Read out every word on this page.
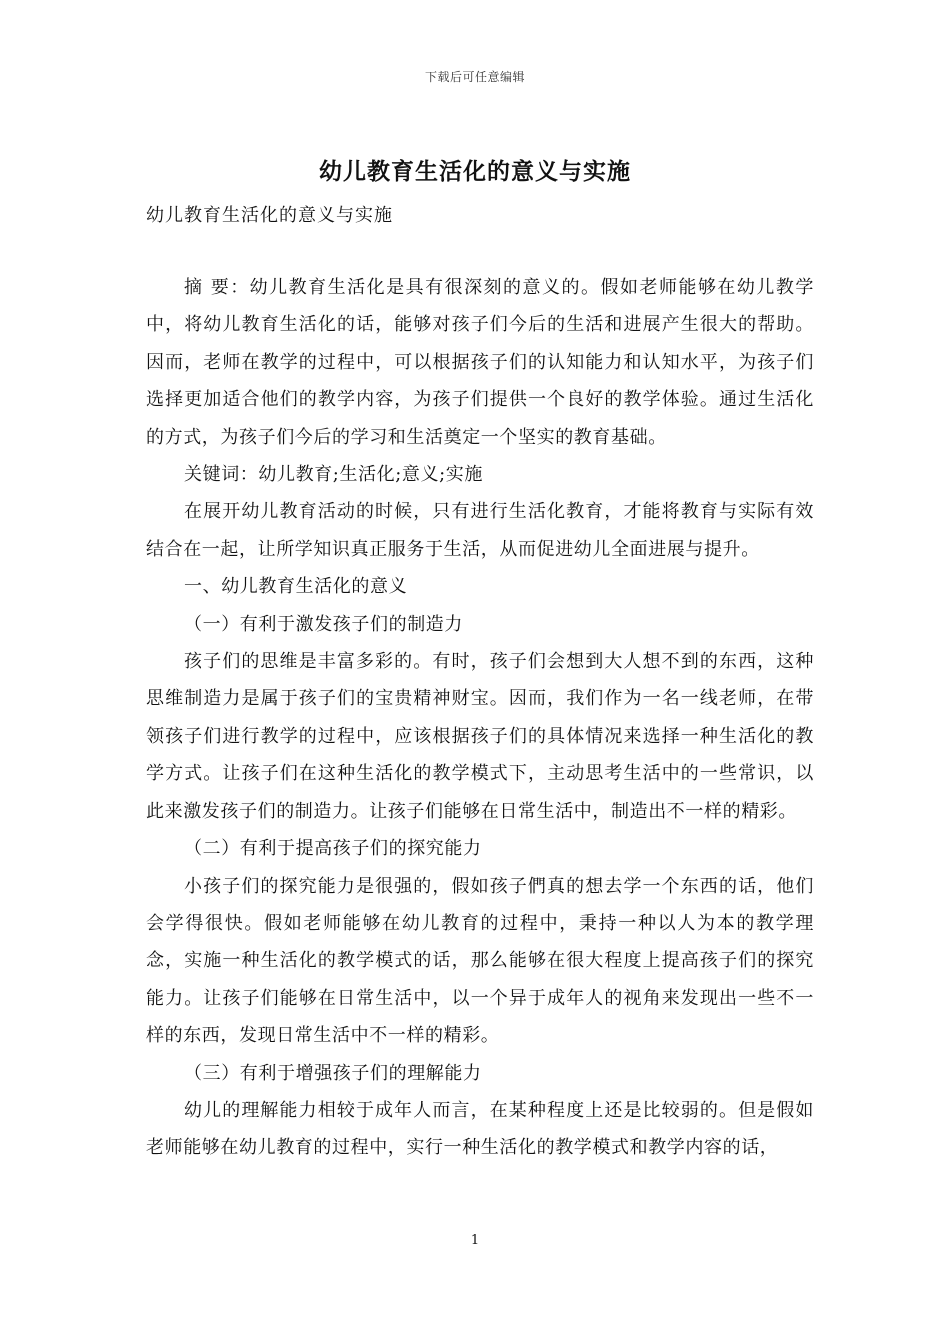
下载后可任意编辑
幼儿教育生活化的意义与实施
幼儿教育生活化的意义与实施

摘 要：幼儿教育生活化是具有很深刻的意义的。假如老师能够在幼儿教学中，将幼儿教育生活化的话，能够对孩子们今后的生活和进展产生很大的帮助。因而，老师在教学的过程中，可以根据孩子们的认知能力和认知水平，为孩子们选择更加适合他们的教学内容，为孩子们提供一个良好的教学体验。通过生活化的方式，为孩子们今后的学习和生活奠定一个坚实的教育基础。

关键词：幼儿教育;生活化;意义;实施

在展开幼儿教育活动的时候，只有进行生活化教育，才能将教育与实际有效结合在一起，让所学知识真正服务于生活，从而促进幼儿全面进展与提升。

一、幼儿教育生活化的意义

（一）有利于激发孩子们的制造力

孩子们的思维是丰富多彩的。有时，孩子们会想到大人想不到的东西，这种思维制造力是属于孩子们的宝贵精神财宝。因而，我们作为一名一线老师，在带领孩子们进行教学的过程中，应该根据孩子们的具体情况来选择一种生活化的教学方式。让孩子们在这种生活化的教学模式下，主动思考生活中的一些常识，以此来激发孩子们的制造力。让孩子们能够在日常生活中，制造出不一样的精彩。

（二）有利于提高孩子们的探究能力

小孩子们的探究能力是很强的，假如孩子們真的想去学一个东西的话，他们会学得很快。假如老师能够在幼儿教育的过程中，秉持一种以人为本的教学理念，实施一种生活化的教学模式的话，那么能够在很大程度上提高孩子们的探究能力。让孩子们能够在日常生活中，以一个异于成年人的视角来发现出一些不一样的东西，发现日常生活中不一样的精彩。

（三）有利于增强孩子们的理解能力

幼儿的理解能力相较于成年人而言，在某种程度上还是比较弱的。但是假如老师能够在幼儿教育的过程中，实行一种生活化的教学模式和教学内容的话，

1
